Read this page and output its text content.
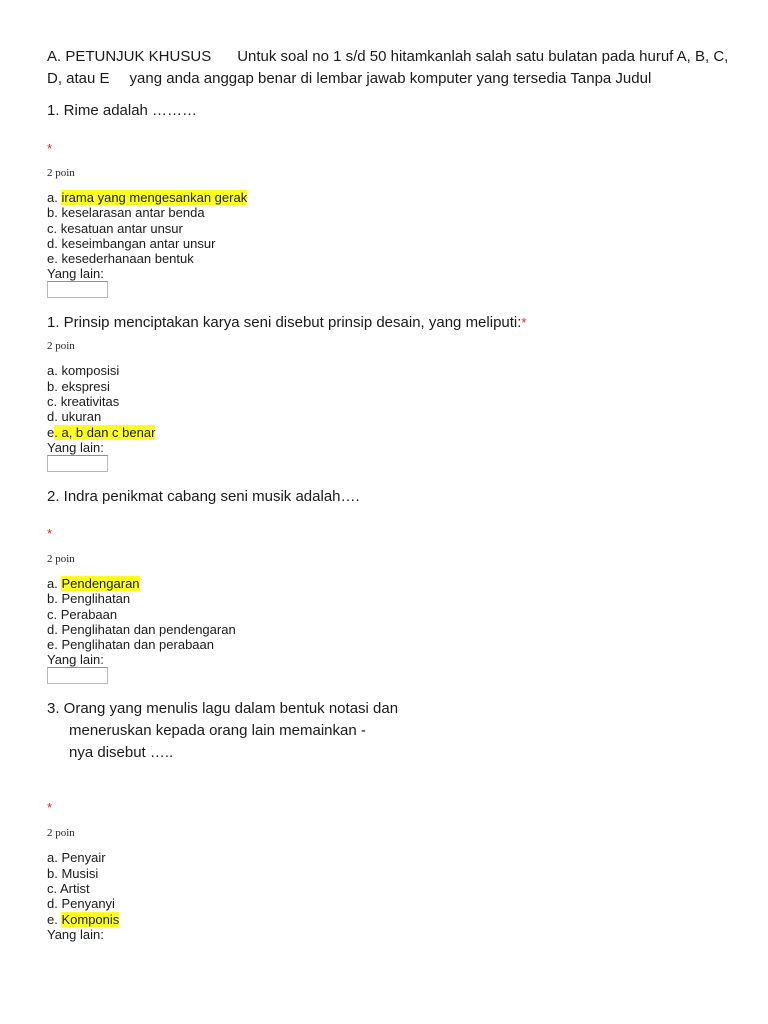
A. PETUNJUK KHUSUS Untuk soal no 1 s/d 50 hitamkanlah salah satu bulatan pada huruf A, B, C, D, atau E yang anda anggap benar di lembar jawab komputer yang tersedia Tanpa Judul

1. Rime adalah ………

*
2 poin

a. irama yang mengesankan gerak

b. keselarasan antar benda

c. kesatuan antar unsur

d. keseimbangan antar unsur

e. kesederhanaan bentuk

Yang lain:

1. Prinsip menciptakan karya seni disebut prinsip desain, yang meliputi:*

2 poin

a. komposisi

b. ekspresi

c. kreativitas

d. ukuran

e. a, b dan c benar

Yang lain:

2. Indra penikmat cabang seni musik adalah….

*
2 poin

a. Pendengaran

b. Penglihatan

c. Perabaan

d. Penglihatan dan pendengaran

e. Penglihatan dan perabaan

Yang lain:

3. Orang yang menulis lagu dalam bentuk notasi dan

meneruskan kepada orang lain memainkan -

nya disebut …..

*
2 poin

a. Penyair

b. Musisi

c. Artist

d. Penyanyi

e. Komponis

Yang lain:
